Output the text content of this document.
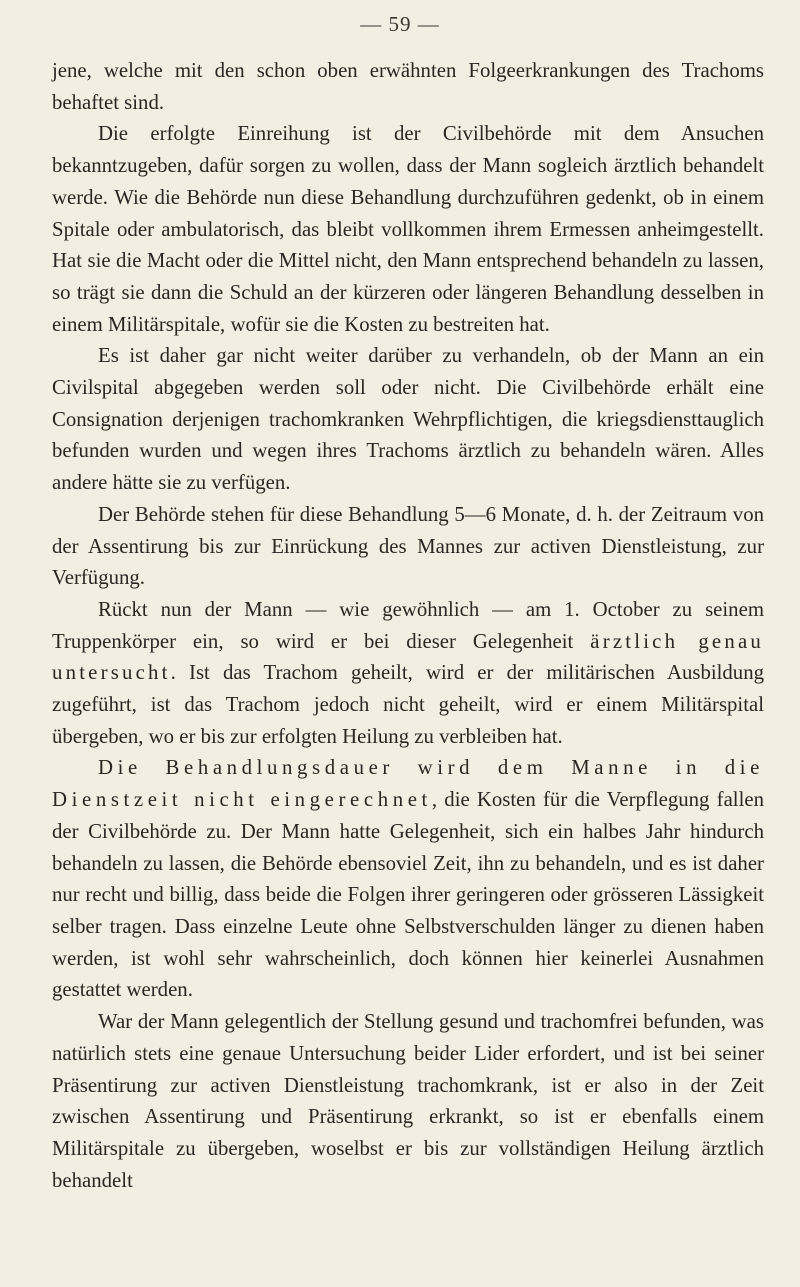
— 59 —

jene, welche mit den schon oben erwähnten Folgeerkrankungen des Trachoms behaftet sind.

Die erfolgte Einreihung ist der Civilbehörde mit dem Ansuchen bekanntzugeben, dafür sorgen zu wollen, dass der Mann sogleich ärztlich behandelt werde. Wie die Behörde nun diese Behandlung durchzuführen gedenkt, ob in einem Spitale oder ambulatorisch, das bleibt vollkommen ihrem Ermessen anheimgestellt. Hat sie die Macht oder die Mittel nicht, den Mann entsprechend behandeln zu lassen, so trägt sie dann die Schuld an der kürzeren oder längeren Behandlung desselben in einem Militärspitale, wofür sie die Kosten zu bestreiten hat.

Es ist daher gar nicht weiter darüber zu verhandeln, ob der Mann an ein Civilspital abgegeben werden soll oder nicht. Die Civilbehörde erhält eine Consignation derjenigen trachomkranken Wehrpflichtigen, die kriegsdiensttauglich befunden wurden und wegen ihres Trachoms ärztlich zu behandeln wären. Alles andere hätte sie zu verfügen.

Der Behörde stehen für diese Behandlung 5—6 Monate, d. h. der Zeitraum von der Assentirung bis zur Einrückung des Mannes zur activen Dienstleistung, zur Verfügung.

Rückt nun der Mann — wie gewöhnlich — am 1. October zu seinem Truppenkörper ein, so wird er bei dieser Gelegenheit ärztlich genau untersucht. Ist das Trachom geheilt, wird er der militärischen Ausbildung zugeführt, ist das Trachom jedoch nicht geheilt, wird er einem Militärspital übergeben, wo er bis zur erfolgten Heilung zu verbleiben hat.

Die Behandlungsdauer wird dem Manne in die Dienstzeit nicht eingerechnet, die Kosten für die Verpflegung fallen der Civilbehörde zu. Der Mann hatte Gelegenheit, sich ein halbes Jahr hindurch behandeln zu lassen, die Behörde ebensoviel Zeit, ihn zu behandeln, und es ist daher nur recht und billig, dass beide die Folgen ihrer geringeren oder grösseren Lässigkeit selber tragen. Dass einzelne Leute ohne Selbstverschulden länger zu dienen haben werden, ist wohl sehr wahrscheinlich, doch können hier keinerlei Ausnahmen gestattet werden.

War der Mann gelegentlich der Stellung gesund und trachomfrei befunden, was natürlich stets eine genaue Untersuchung beider Lider erfordert, und ist bei seiner Präsentirung zur activen Dienstleistung trachomkrank, ist er also in der Zeit zwischen Assentirung und Präsentirung erkrankt, so ist er ebenfalls einem Militärspitale zu übergeben, woselbst er bis zur vollständigen Heilung ärztlich behandelt
